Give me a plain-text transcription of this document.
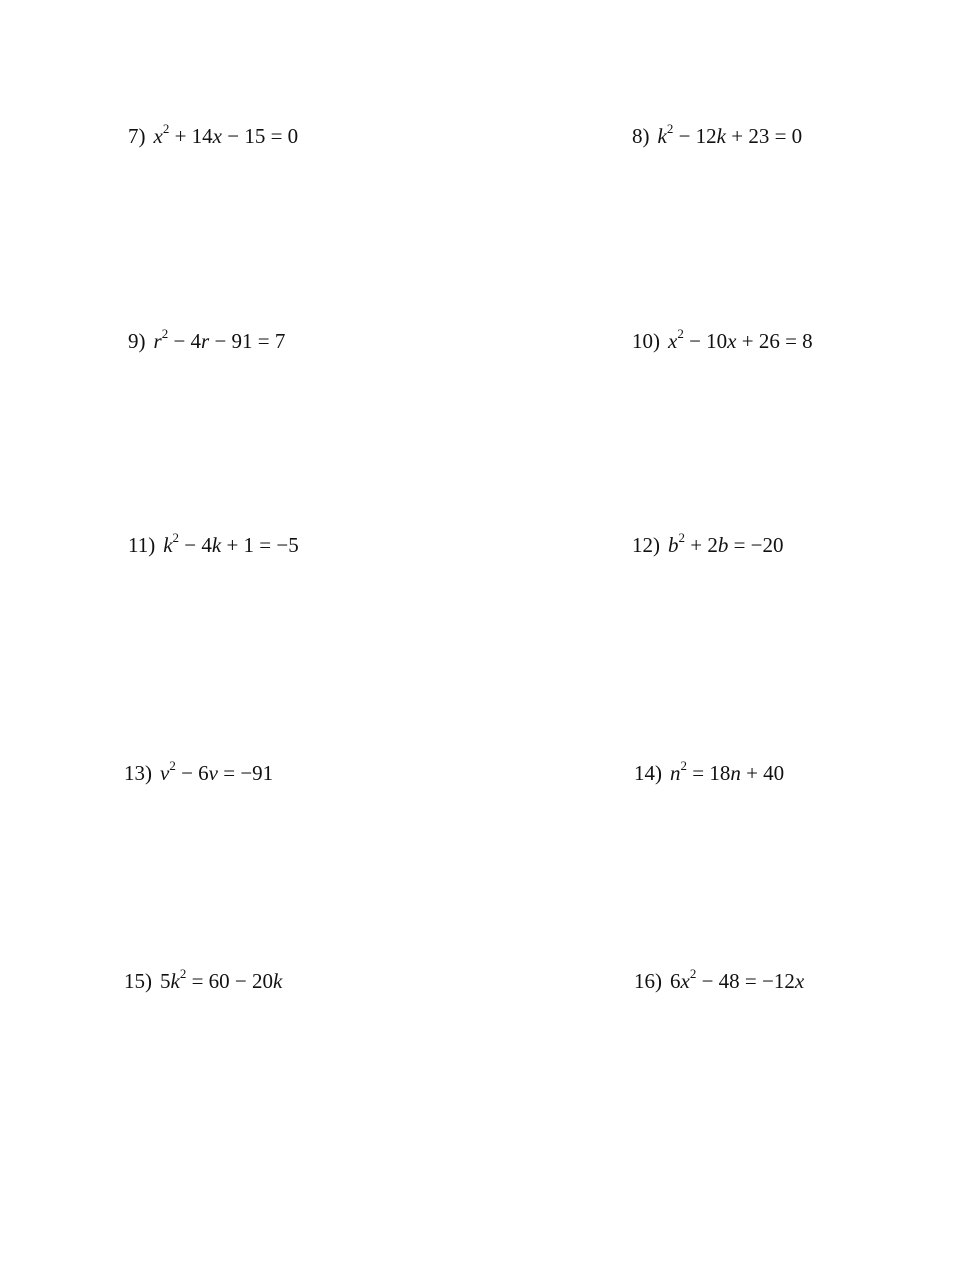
7) $x^2 + 14x - 15 = 0$	8) $k^2 - 12k + 23 = 0$
9) $r^2 - 4r - 91 = 7$	10) $x^2 - 10x + 26 = 8$
11) $k^2 - 4k + 1 = -5$	12) $b^2 + 2b = -20$
13) $v^2 - 6v = -91$	14) $n^2 = 18n + 40$
15) $5k^2 = 60 - 20k$	16) $6x^2 - 48 = -12x$
